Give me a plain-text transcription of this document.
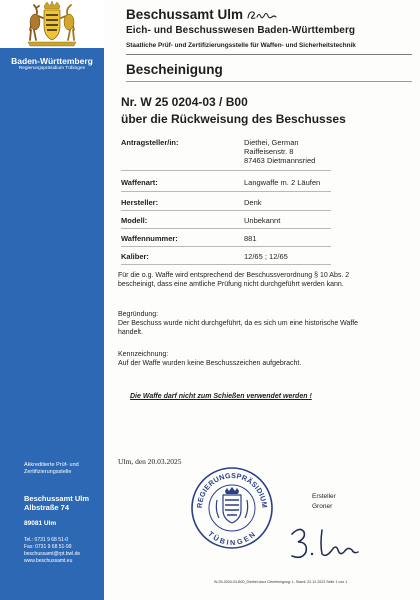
Baden-Württemberg
Regierungspräsidium Tübingen
Akkreditierte Prüf- und
Zertifizierungsstelle
Beschussamt Ulm
Albstraße 74
89081 Ulm
Tel.: 0731 9 68 51-0
Fax: 0731 9 68 51-99
beschussamt@rpt.bwl.de
www.beschussamt.eu
Beschussamt Ulm
Eich- und Beschusswesen Baden-Württemberg
Staatliche Prüf- und Zertifizierungsstelle für Waffen- und Sicherheitstechnik
Bescheinigung
Nr. W 25 0204-03 / B00
über die Rückweisung des Beschusses
Antragsteller/in:	Diethei, German
Raiffeisenstr. 8
87463 Dietmannsried
Waffenart:	Langwaffe m. 2 Läufen
Hersteller:	Denk
Modell:	Unbekannt
Waffennummer:	881
Kaliber:	12/65 ; 12/65
Für die o.g. Waffe wird entsprechend der Beschussverordnung § 10 Abs. 2 bescheinigt, dass eine amtliche Prüfung nicht durchgeführt werden kann.
Begründung:
Der Beschuss wurde nicht durchgeführt, da es sich um eine historische Waffe handelt.
Kennzeichnung:
Auf der Waffe wurden keine Beschusszeichen aufgebracht.
Die Waffe darf nicht zum Schießen verwendet werden !
Ulm, den 20.03.2025
REGIERUNGSPRÄSIDIUM
TÜBINGEN
Ersteller
Groner
W-25-0204-03-B00_Diethei.docx Genehmigung: L. Stand: 22.12.2023 Seite 1 von 1
